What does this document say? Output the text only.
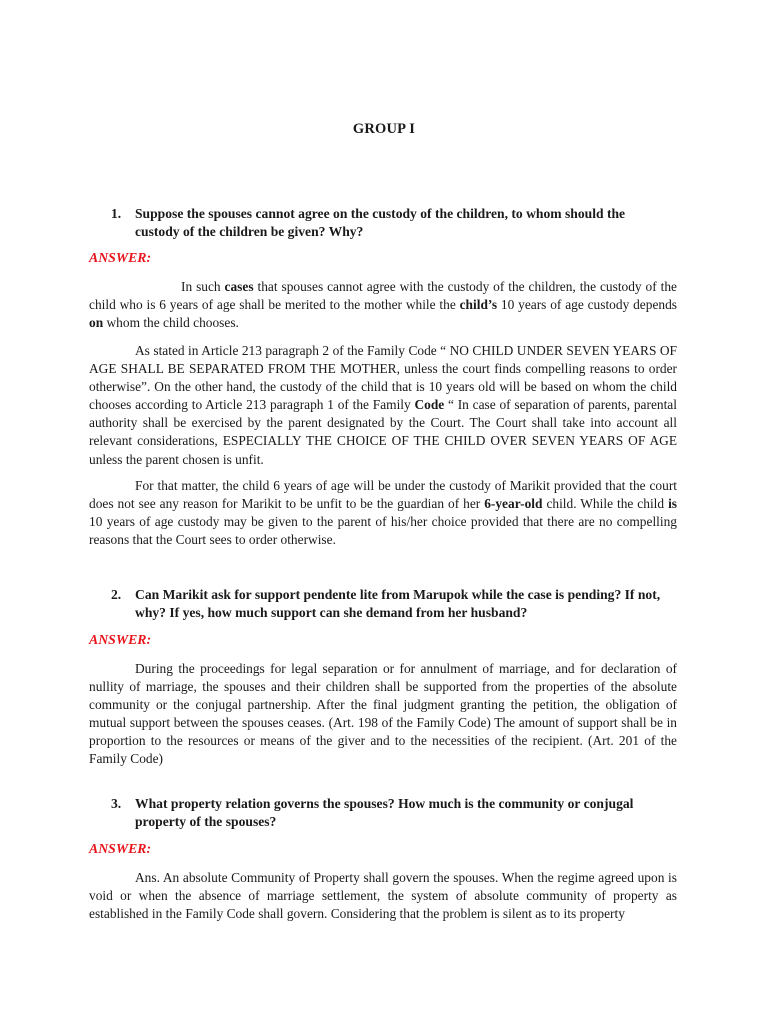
GROUP I
1. Suppose the spouses cannot agree on the custody of the children, to whom should the custody of the children be given? Why?
ANSWER:

In such cases that spouses cannot agree with the custody of the children, the custody of the child who is 6 years of age shall be merited to the mother while the child’s 10 years of age custody depends on whom the child chooses.

As stated in Article 213 paragraph 2 of the Family Code “ NO CHILD UNDER SEVEN YEARS OF AGE SHALL BE SEPARATED FROM THE MOTHER, unless the court finds compelling reasons to order otherwise”. On the other hand, the custody of the child that is 10 years old will be based on whom the child chooses according to Article 213 paragraph 1 of the Family Code “ In case of separation of parents, parental authority shall be exercised by the parent designated by the Court. The Court shall take into account all relevant considerations, ESPECIALLY THE CHOICE OF THE CHILD OVER SEVEN YEARS OF AGE unless the parent chosen is unfit.

For that matter, the child 6 years of age will be under the custody of Marikit provided that the court does not see any reason for Marikit to be unfit to be the guardian of her 6-year-old child. While the child is 10 years of age custody may be given to the parent of his/her choice provided that there are no compelling reasons that the Court sees to order otherwise.

2. Can Marikit ask for support pendente lite from Marupok while the case is pending? If not, why? If yes, how much support can she demand from her husband?
ANSWER:

During the proceedings for legal separation or for annulment of marriage, and for declaration of nullity of marriage, the spouses and their children shall be supported from the properties of the absolute community or the conjugal partnership. After the final judgment granting the petition, the obligation of mutual support between the spouses ceases. (Art. 198 of the Family Code) The amount of support shall be in proportion to the resources or means of the giver and to the necessities of the recipient. (Art. 201 of the Family Code)

3. What property relation governs the spouses? How much is the community or conjugal property of the spouses?
ANSWER:

Ans. An absolute Community of Property shall govern the spouses. When the regime agreed upon is void or when the absence of marriage settlement, the system of absolute community of property as established in the Family Code shall govern. Considering that the problem is silent as to its property
